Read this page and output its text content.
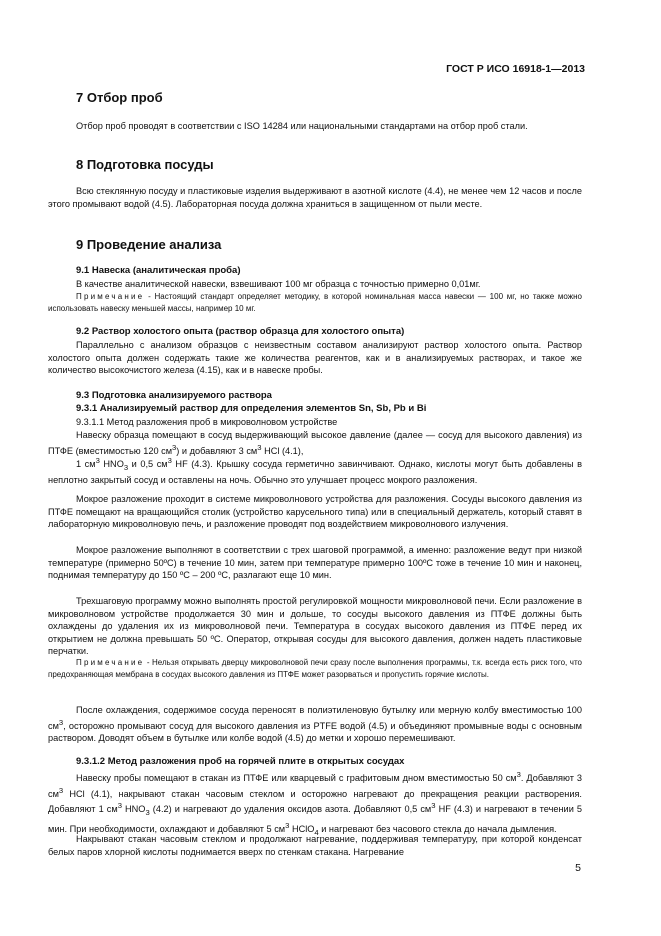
ГОСТ Р ИСО 16918-1—2013
7 Отбор проб
Отбор проб проводят в соответствии с ISO 14284 или национальными стандартами на отбор проб стали.
8 Подготовка посуды
Всю стеклянную посуду и пластиковые изделия выдерживают в азотной кислоте (4.4), не менее чем 12 часов и после этого промывают водой (4.5). Лабораторная посуда должна храниться в защищенном от пыли месте.
9 Проведение анализа
9.1 Навеска (аналитическая проба)
В качестве аналитической навески, взвешивают 100 мг образца с точностью примерно 0,01мг.
Примечание - Настоящий стандарт определяет методику, в которой номинальная масса навески — 100 мг, но также можно использовать навеску меньшей массы, например 10 мг.
9.2 Раствор холостого опыта (раствор образца для холостого опыта)
Параллельно с анализом образцов с неизвестным составом анализируют раствор холостого опыта. Раствор холостого опыта должен содержать такие же количества реагентов, как и в анализируемых растворах, и такое же количество высокочистого железа (4.15), как и в навеске пробы.
9.3 Подготовка анализируемого раствора
9.3.1 Анализируемый раствор для определения элементов Sn, Sb, Pb и Bi
9.3.1.1 Метод разложения проб в микроволновом устройстве
Навеску образца помещают в сосуд выдерживающий высокое давление (далее — сосуд для высокого давления) из ПТФЕ (вместимостью 120 $см^3$) и добавляют 3 $см^3$ HCl (4.1),
1 $см^3$ $HNO_3$ и 0,5 $см^3$ HF (4.3). Крышку сосуда герметично завинчивают. Однако, кислоты могут быть добавлены в неплотно закрытый сосуд и оставлены на ночь. Обычно это улучшает процесс мокрого разложения.
Мокрое разложение проходит в системе микроволнового устройства для разложения. Сосуды высокого давления из ПТФЕ помещают на вращающийся столик (устройство карусельного типа) или в специальный держатель, который ставят в лабораторную микроволновую печь, и разложение проводят под воздействием микроволнового излучения.
Мокрое разложение выполняют в соответствии с трех шаговой программой, а именно: разложение ведут при низкой температуре (примерно 50ºС) в течение 10 мин, затем при температуре примерно 100ºС тоже в течение 10 мин и наконец, поднимая температуру до 150 ºС – 200 ºС, разлагают еще 10 мин.
Трехшаговую программу можно выполнять простой регулировкой мощности микроволновой печи. Если разложение в микроволновом устройстве продолжается 30 мин и дольше, то сосуды высокого давления из ПТФЕ должны быть охлаждены до удаления их из микроволновой печи. Температура в сосудах высокого давления из ПТФЕ перед их открытием не должна превышать 50 ºС. Оператор, открывая сосуды для высокого давления, должен надеть пластиковые перчатки.
Примечание - Нельзя открывать дверцу микроволновой печи сразу после выполнения программы, т.к. всегда есть риск того, что предохраняющая мембрана в сосудах высокого давления из ПТФЕ может разорваться и пропустить горячие кислоты.
После охлаждения, содержимое сосуда переносят в полиэтиленовую бутылку или мерную колбу вместимостью 100 $см^3$, осторожно промывают сосуд для высокого давления из PTFE водой (4.5) и объединяют промывные воды с основным раствором. Доводят объем в бутылке или колбе водой (4.5) до метки и хорошо перемешивают.
9.3.1.2 Метод разложения проб на горячей плите в открытых сосудах
Навеску пробы помещают в стакан из ПТФЕ или кварцевый с графитовым дном вместимостью 50 $см^3$. Добавляют 3 $см^3$ HCl (4.1), накрывают стакан часовым стеклом и осторожно нагревают до прекращения реакции растворения. Добавляют 1 $см^3$ $HNO_3$ (4.2) и нагревают до удаления оксидов азота. Добавляют 0,5 $см^3$ HF (4.3) и нагревают в течении 5 мин. При необходимости, охлаждают и добавляют 5 $см^3$ HClO$_4$ и нагревают без часового стекла до начала дымления.
Накрывают стакан часовым стеклом и продолжают нагревание, поддерживая температуру, при которой конденсат белых паров хлорной кислоты поднимается вверх по стенкам стакана. Нагревание
5
